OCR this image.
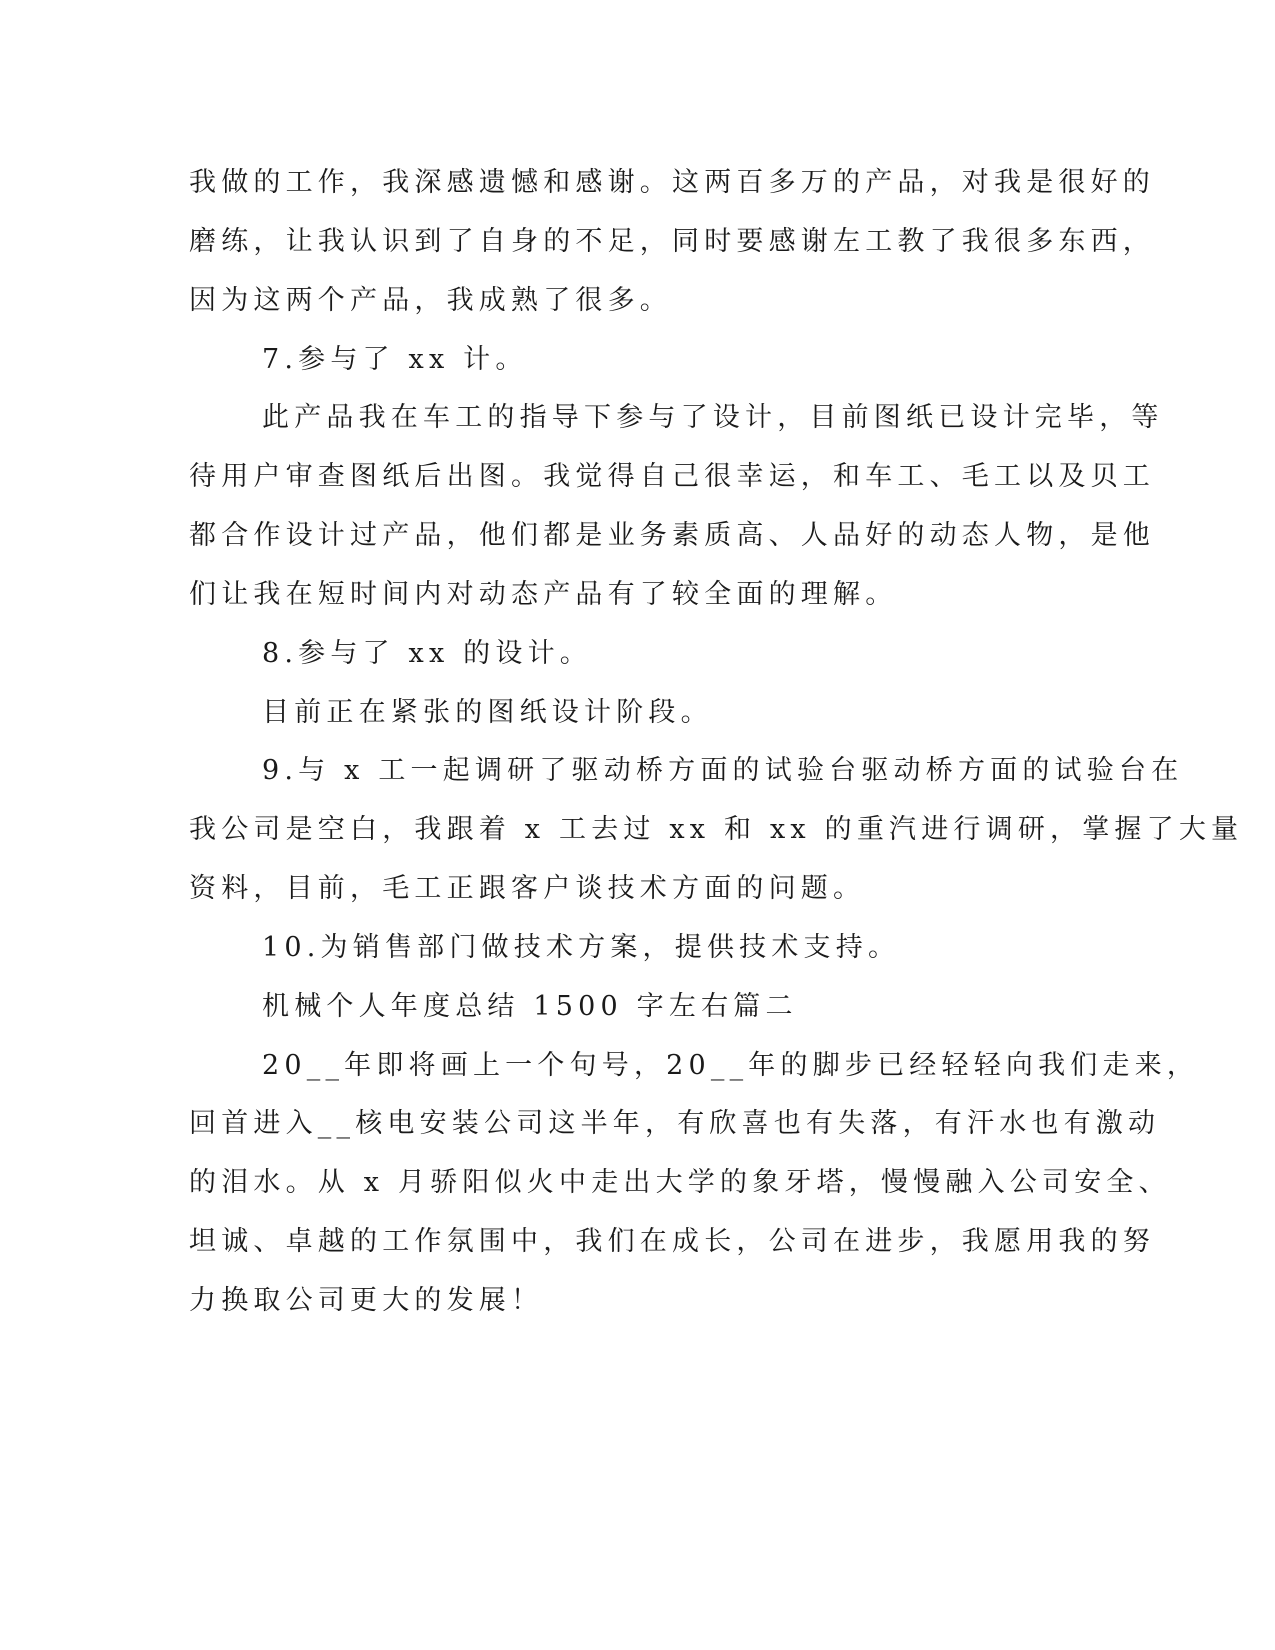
我做的工作，我深感遗憾和感谢。这两百多万的产品，对我是很好的
磨练，让我认识到了自身的不足，同时要感谢左工教了我很多东西，
因为这两个产品，我成熟了很多。
7.参与了 xx 计。
此产品我在车工的指导下参与了设计，目前图纸已设计完毕，等
待用户审查图纸后出图。我觉得自己很幸运，和车工、毛工以及贝工
都合作设计过产品，他们都是业务素质高、人品好的动态人物，是他
们让我在短时间内对动态产品有了较全面的理解。
8.参与了 xx 的设计。
目前正在紧张的图纸设计阶段。
9.与 x 工一起调研了驱动桥方面的试验台驱动桥方面的试验台在
我公司是空白，我跟着 x 工去过 xx 和 xx 的重汽进行调研，掌握了大量
资料，目前，毛工正跟客户谈技术方面的问题。
10.为销售部门做技术方案，提供技术支持。
机械个人年度总结 1500 字左右篇二
20__年即将画上一个句号，20__年的脚步已经轻轻向我们走来，
回首进入__核电安装公司这半年，有欣喜也有失落，有汗水也有激动
的泪水。从 x 月骄阳似火中走出大学的象牙塔，慢慢融入公司安全、
坦诚、卓越的工作氛围中，我们在成长，公司在进步，我愿用我的努
力换取公司更大的发展！
